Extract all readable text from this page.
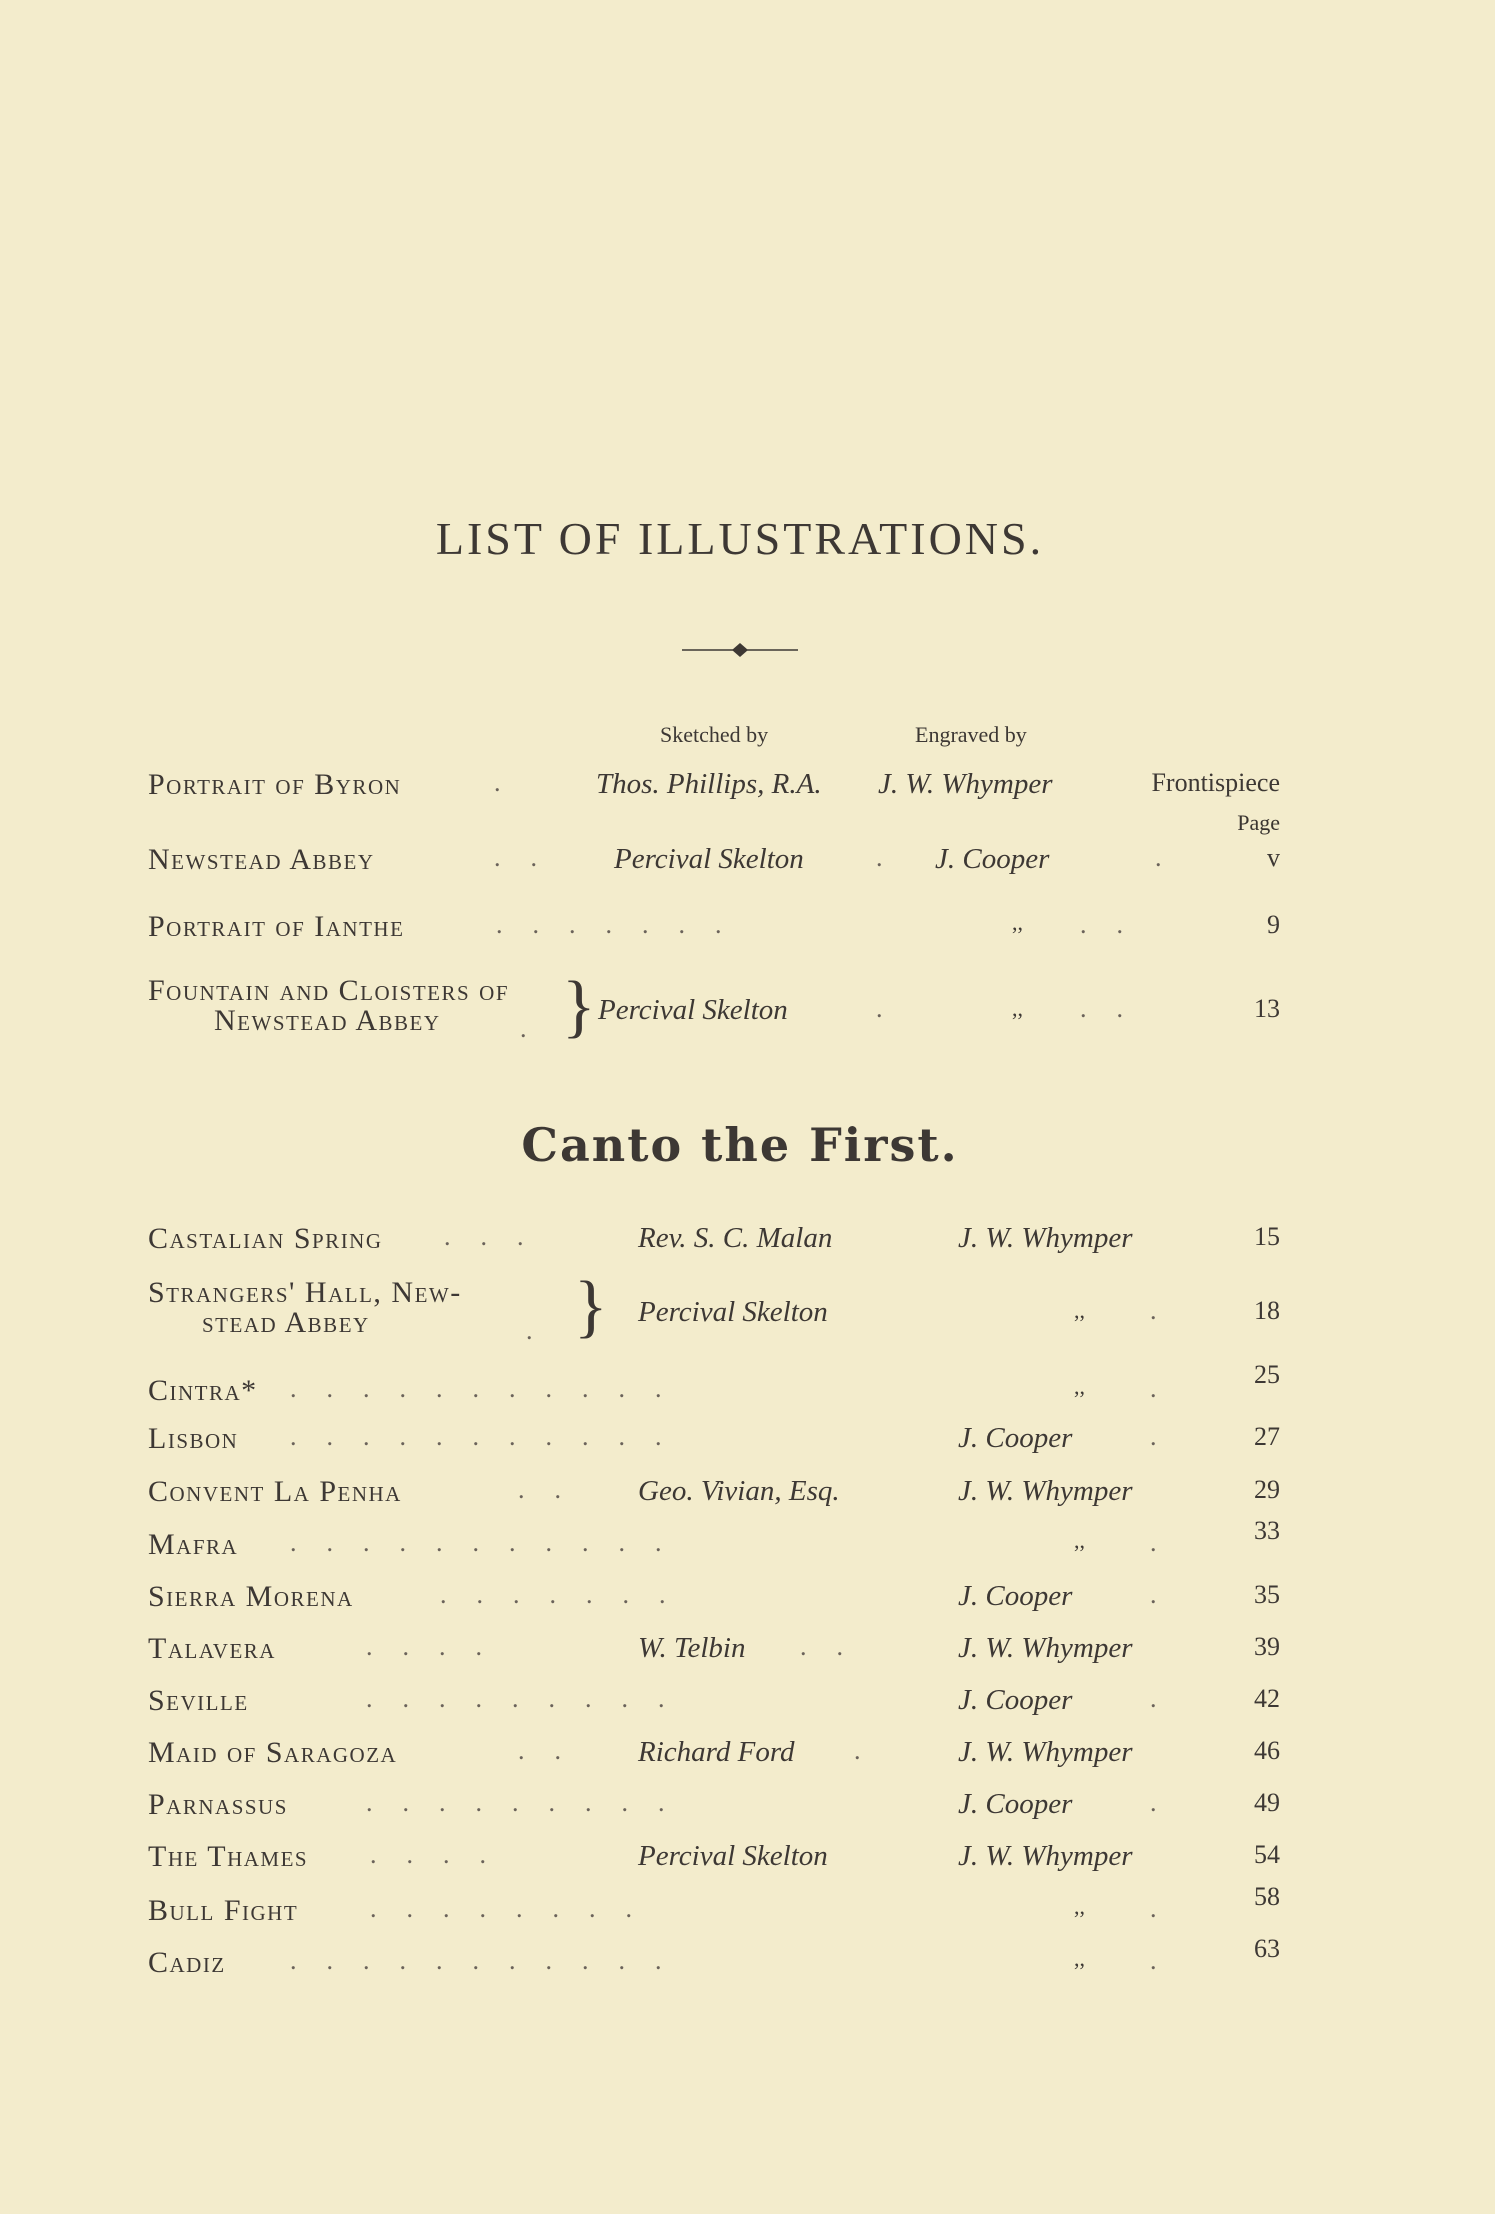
LIST OF ILLUSTRATIONS.
Sketched by	Engraved by
Page
Portrait of Byron	. Thos. Phillips, R.A. J. W. Whymper	Frontispiece
Newstead Abbey	.. Percival Skelton	. J. Cooper	.	v
Portrait of Ianthe	.......	,, ..	9
Fountain and Cloisters of
Newstead Abbey	. } Percival Skelton	.	,, ..	13
Canto the First.
Castalian Spring	...	Rev. S. C. Malan	J. W. Whymper	15
Strangers' Hall, New-
stead Abbey	. } Percival Skelton	,,	.	18
Cintra*	...........	,,	.	25
Lisbon	...........	J. Cooper	.	27
Convent La Penha	.. Geo. Vivian, Esq.	J. W. Whymper	29
Mafra	...........	,,	.	33
Sierra Morena	.......	J. Cooper	.	35
Talavera	....	W. Telbin ..	J. W. Whymper	39
Seville	.........	J. Cooper	.	42
Maid of Saragoza	.. Richard Ford . J. W. Whymper	46
Parnassus	.........	J. Cooper	.	49
The Thames	....	Percival Skelton	J. W. Whymper	54
Bull Fight	........	,,	.	58
Cadiz	...........	,,	.	63
